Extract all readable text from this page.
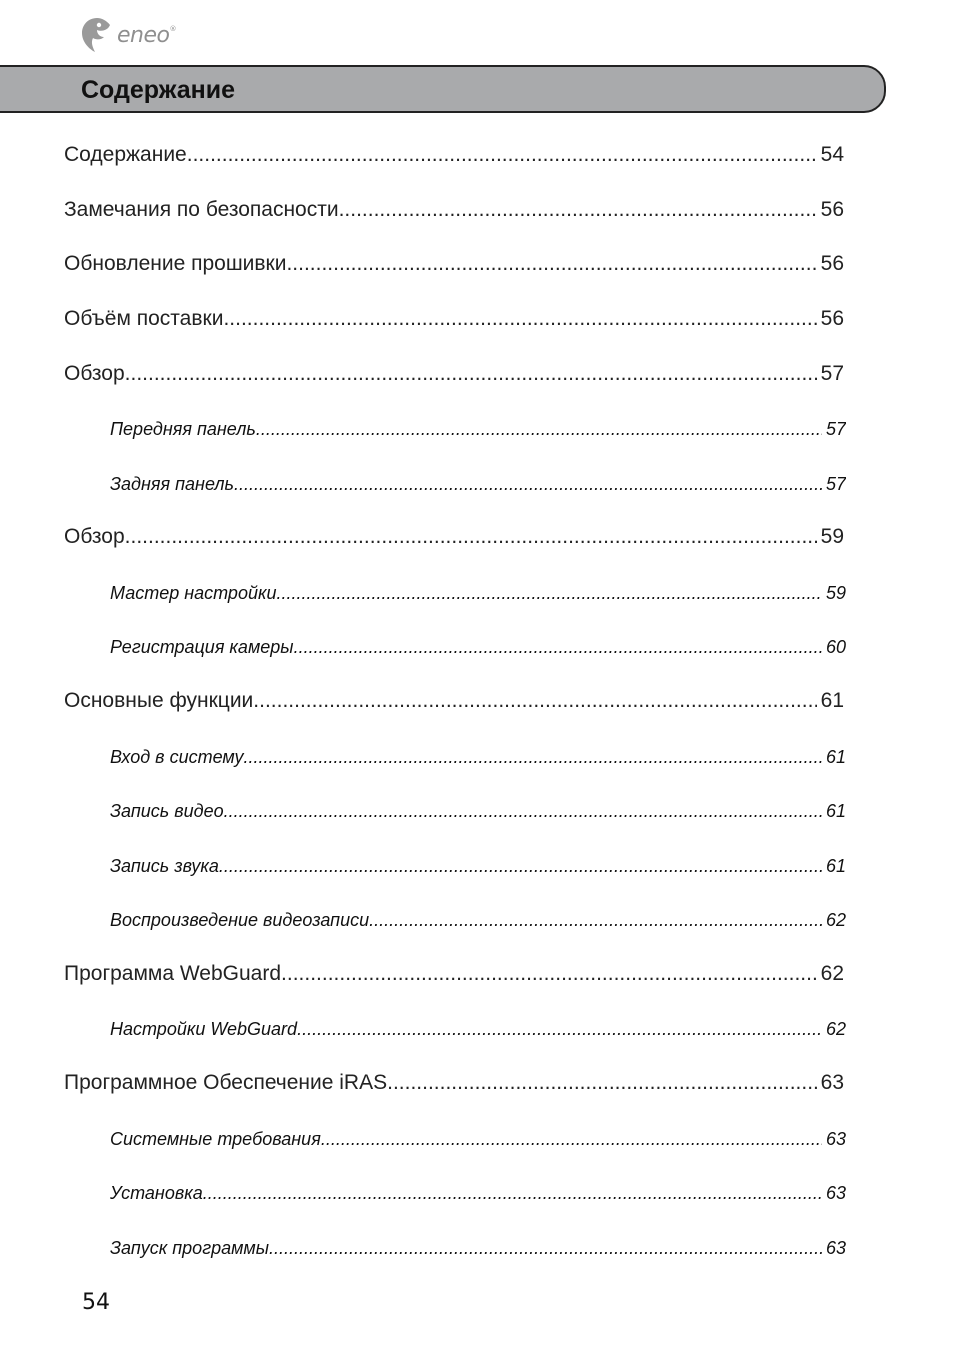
eneo®
Содержание
Содержание .....	54
Замечания по безопасности .....	56
Обновление прошивки .....	56
Объём поставки .....	56
Обзор .....	57
Передняя панель .....	57
Задняя панель .....	57
Обзор .....	59
Мастер настройки .....	59
Регистрация камеры .....	60
Основные функции .....	61
Вход в систему .....	61
Запись видео .....	61
Запись звука .....	61
Воспроизведение видеозаписи .....	62
Программа WebGuard .....	62
Настройки WebGuard .....	62
Программное Обеспечение iRAS .....	63
Системные требования .....	63
Установка .....	63
Запуск программы .....	63
54
